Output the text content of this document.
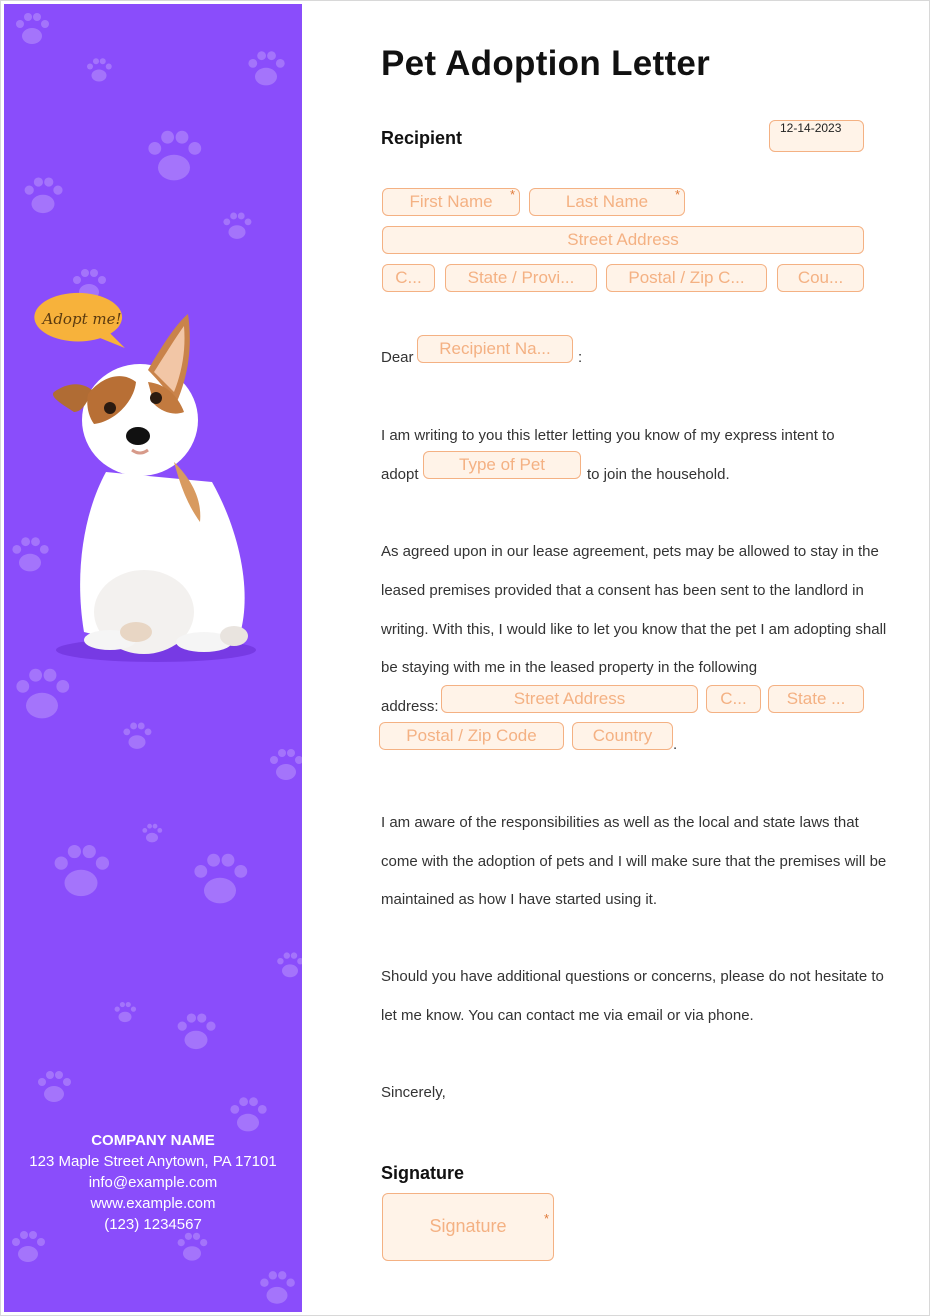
Adopt me!
COMPANY NAME
123 Maple Street Anytown, PA 17101
info@example.com
www.example.com
(123) 1234567
Pet Adoption Letter
Recipient	12-14-2023 *
First Name *	Last Name *
Street Address
C...	State / Provi...	Postal / Zip C...	Cou...
Dear	Recipient Na...	:
I am writing to you this letter letting you know of my express intent to
adopt
Type of Pet
to join the household.
As agreed upon in our lease agreement, pets may be allowed to stay in the
leased premises provided that a consent has been sent to the landlord in
writing. With this, I would like to let you know that the pet I am adopting shall
be staying with me in the leased property in the following
address:	Street Address	C...	State ...
Postal / Zip Code	Country	.
I am aware of the responsibilities as well as the local and state laws that
come with the adoption of pets and I will make sure that the premises will be
maintained as how I have started using it.
Should you have additional questions or concerns, please do not hesitate to
let me know. You can contact me via email or via phone.
Sincerely,
Signature
Signature *
